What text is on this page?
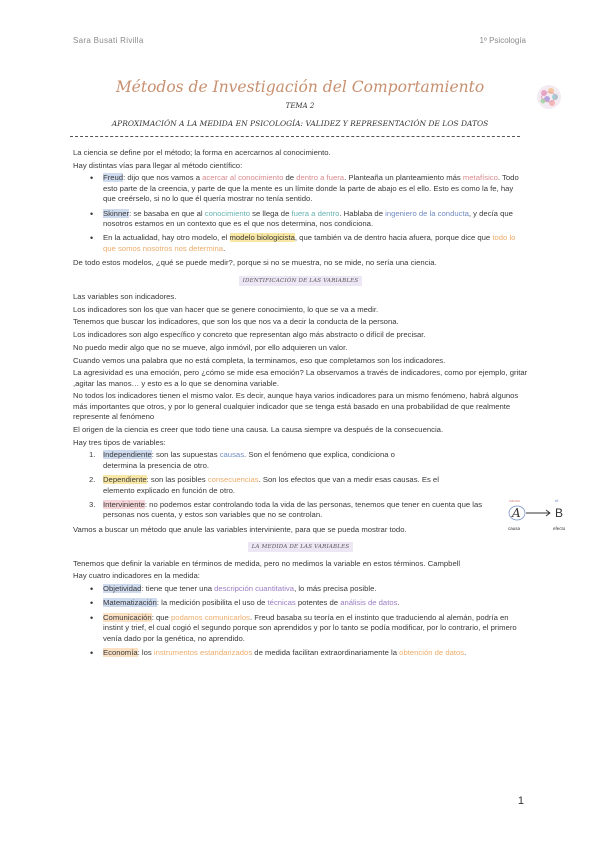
Sara Busati Rivilla	1º Psicología
Métodos de Investigación del Comportamiento
TEMA 2
APROXIMACIÓN A LA MEDIDA EN PSICOLOGÍA: VALIDEZ Y REPRESENTACIÓN DE LOS DATOS

La ciencia se define por el método; la forma en acercarnos al conocimiento.

Hay distintas vías para llegar al método científico:

• Freud: dijo que nos vamos a acercar al conocimiento de dentro a fuera. Planteaña un planteamiento más metafísico. Todo esto parte de la creencia, y parte de que la mente es un límite donde la parte de abajo es el ello. Esto es como la fe, hay que creérselo, si no lo que él quería mostrar no tenía sentido.
• Skinner: se basaba en que al conocimiento se llega de fuera a dentro. Hablaba de ingeniero de la conducta, y decía que nosotros estamos en un contexto que es el que nos determina, nos condiciona.
• En la actualidad, hay otro modelo, el modelo biologicista, que también va de dentro hacia afuera, porque dice que todo lo que somos nosotros nos determina.

De todo estos modelos, ¿qué se puede medir?, porque si no se muestra, no se mide, no sería una ciencia.

IDENTIFICACIÓN DE LAS VARIABLES

Las variables son indicadores.

Los indicadores son los que van hacer que se genere conocimiento, lo que se va a medir.

Tenemos que buscar los indicadores, que son los que nos va a decir la conducta de la persona.

Los indicadores son algo específico y concreto que representan algo más abstracto o difícil de precisar.

No puedo medir algo que no se mueve, algo inmóvil, por ello adquieren un valor.

Cuando vemos una palabra que no está completa, la terminamos, eso que completamos son los indicadores.

La agresividad es una emoción, pero ¿cómo se mide esa emoción? La observamos a través de indicadores, como por ejemplo, gritar ,agitar las manos… y esto es a lo que se denomina variable.

No todos los indicadores tienen el mismo valor. Es decir, aunque haya varios indicadores para un mismo fenómeno, habrá algunos más importantes que otros, y por lo general cualquier indicador que se tenga está basado en una probabilidad de que realmente represente al fenómeno

El origen de la ciencia es creer que todo tiene una causa. La causa siempre va después de la consecuencia.

Hay tres tipos de variables:

1. Independiente: son las supuestas causas. Son el fenómeno que explica, condiciona o determina la presencia de otro.
2. Dependiente: son las posibles consecuencias. Son los efectos que van a medir esas causas. Es el elemento explicado en función de otro.
3. Interviniente: no podemos estar controlando toda la vida de las personas, tenemos que tener en cuenta que las personas nos cuenta, y estos son variables que no se controlan.

Vamos a buscar un método que anule las variables interviniente, para que se pueda mostrar todo.

LA MEDIDA DE LAS VARIABLES

Tenemos que definir la variable en términos de medida, pero no medimos la variable en estos términos. Campbell

Hay cuatro indicadores en la medida:

• Objetividad: tiene que tener una descripción cuantitativa, lo más precisa posible.
• Matematización: la medición posibilita el uso de técnicas potentes de análisis de datos.
• Comunicación: que podamos comunicarlos. Freud basaba su teoría en el instinto que traduciendo al alemán, podría en instint y trief, el cual cogió el segundo porque son aprendidos y por lo tanto se podía modificar, por lo contrario, el primero venía dado por la genética, no aprendido.
• Economía: los instrumentos estandarizados de medida facilitan extraordinariamente la obtención de datos.
causa	ef.
A	B
causa	efecto
1
